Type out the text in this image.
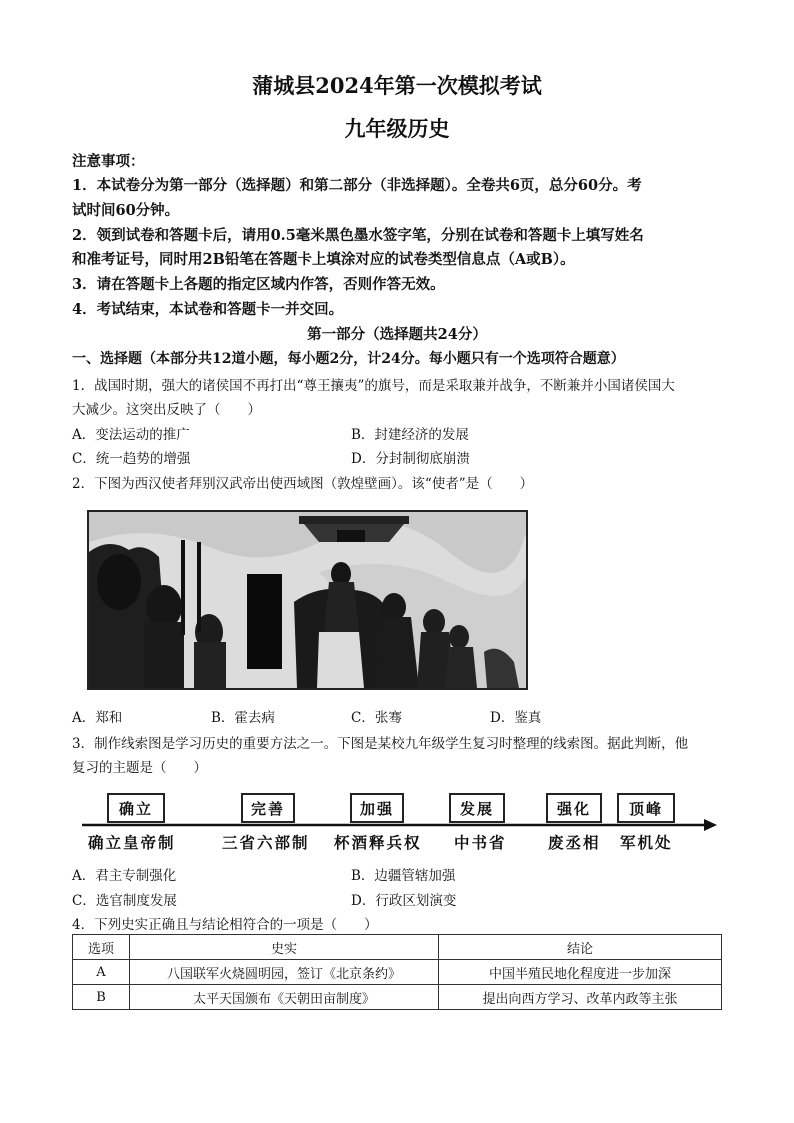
蒲城县2024年第一次模拟考试
九年级历史
注意事项：
1．本试卷分为第一部分（选择题）和第二部分（非选择题）。全卷共6页，总分60分。考
试时间60分钟。
2．领到试卷和答题卡后，请用0.5毫米黑色墨水签字笔，分别在试卷和答题卡上填写姓名
和准考证号，同时用2B铅笔在答题卡上填涂对应的试卷类型信息点（A或B）。
3．请在答题卡上各题的指定区域内作答，否则作答无效。
4．考试结束，本试卷和答题卡一并交回。
第一部分（选择题共24分）
一、选择题（本部分共12道小题，每小题2分，计24分。每小题只有一个选项符合题意）
1．战国时期，强大的诸侯国不再打出“尊王攘夷”的旗号，而是采取兼并战争，不断兼并小国诸侯国大
大减少。这突出反映了（　　）
A．变法运动的推广	B．封建经济的发展
C．统一趋势的增强	D．分封制彻底崩溃
2．下图为西汉使者拜别汉武帝出使西域图（敦煌壁画）。该“使者”是（　　）
A．郑和	B．霍去病	C．张骞	D．鉴真
3．制作线索图是学习历史的重要方法之一。下图是某校九年级学生复习时整理的线索图。据此判断，他
复习的主题是（　　）
确立	完善	加强	发展	强化	顶峰
确立皇帝制	三省六部制 杯酒释兵权 中书省	废丞相 军机处
A．君主专制强化	B．边疆管辖加强
C．选官制度发展	D．行政区划演变
4．下列史实正确且与结论相符合的一项是（　　）
选项	史实	结论
A	八国联军火烧圆明园，签订《北京条约》	中国半殖民地化程度进一步加深
B	太平天国颁布《天朝田亩制度》	提出向西方学习、改革内政等主张
